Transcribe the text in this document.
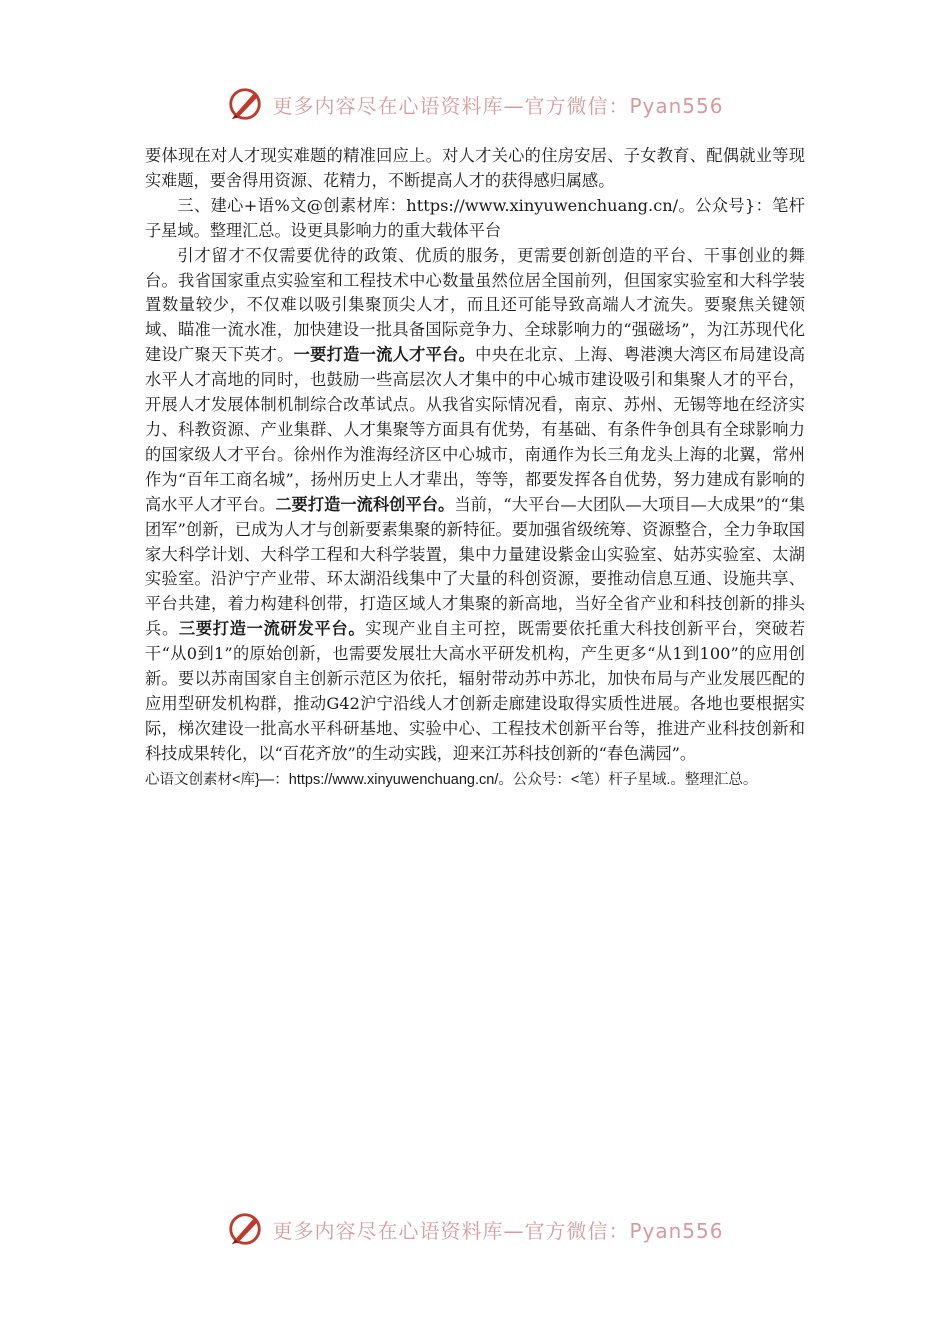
更多内容尽在心语资料库—官方微信：Pyan556

要体现在对人才现实难题的精准回应上。对人才关心的住房安居、子女教育、配偶就业等现实难题，要舍得用资源、花精力，不断提高人才的获得感归属感。

三、建心+语%文@创素材库：https://www.xinyuwenchuang.cn/。公众号}：笔杆子星域。整理汇总。设更具影响力的重大载体平台

引才留才不仅需要优待的政策、优质的服务，更需要创新创造的平台、干事创业的舞台。我省国家重点实验室和工程技术中心数量虽然位居全国前列，但国家实验室和大科学装置数量较少，不仅难以吸引集聚顶尖人才，而且还可能导致高端人才流失。要聚焦关键领域、瞄准一流水准，加快建设一批具备国际竞争力、全球影响力的“强磁场”，为江苏现代化建设广聚天下英才。一要打造一流人才平台。中央在北京、上海、粤港澳大湾区布局建设高水平人才高地的同时，也鼓励一些高层次人才集中的中心城市建设吸引和集聚人才的平台，开展人才发展体制机制综合改革试点。从我省实际情况看，南京、苏州、无锡等地在经济实力、科教资源、产业集群、人才集聚等方面具有优势，有基础、有条件争创具有全球影响力的国家级人才平台。徐州作为淮海经济区中心城市，南通作为长三角龙头上海的北翼，常州作为“百年工商名城”，扬州历史上人才辈出，等等，都要发挥各自优势，努力建成有影响的高水平人才平台。二要打造一流科创平台。当前，“大平台—大团队—大项目—大成果”的“集团军”创新，已成为人才与创新要素集聚的新特征。要加强省级统筹、资源整合，全力争取国家大科学计划、大科学工程和大科学装置，集中力量建设紫金山实验室、姑苏实验室、太湖实验室。沿沪宁产业带、环太湖沿线集中了大量的科创资源，要推动信息互通、设施共享、平台共建，着力构建科创带，打造区域人才集聚的新高地，当好全省产业和科技创新的排头兵。三要打造一流研发平台。实现产业自主可控，既需要依托重大科技创新平台，突破若干“从0到1”的原始创新，也需要发展壮大高水平研发机构，产生更多“从1到100”的应用创新。要以苏南国家自主创新示范区为依托，辐射带动苏中苏北，加快布局与产业发展匹配的应用型研发机构群，推动G42沪宁沿线人才创新走廊建设取得实质性进展。各地也要根据实际，梯次建设一批高水平科研基地、实验中心、工程技术创新平台等，推进产业科技创新和科技成果转化，以“百花齐放”的生动实践，迎来江苏科技创新的“春色满园”。

心语文创素材<库}—：https://www.xinyuwenchuang.cn/。公众号：<笔）杆子星域.。整理汇总。

更多内容尽在心语资料库—官方微信：Pyan556
